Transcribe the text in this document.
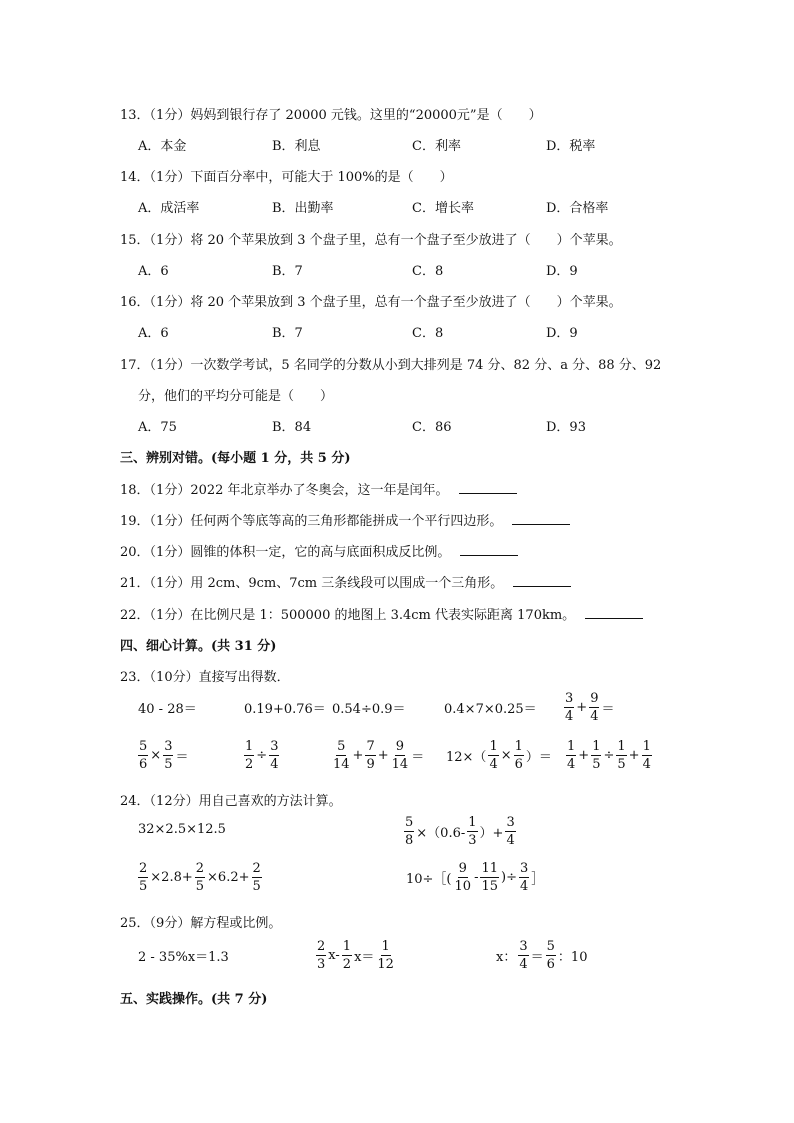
13．（1分）妈妈到银行存了 20000 元钱。这里的“20000元”是（　　）
A．本金	B．利息	C．利率	D．税率
14．（1分）下面百分率中，可能大于 100%的是（　　）
A．成活率	B．出勤率	C．增长率	D．合格率
15．（1分）将 20 个苹果放到 3 个盘子里，总有一个盘子至少放进了（　　）个苹果。
A．6	B．7	C．8	D．9
16．（1分）将 20 个苹果放到 3 个盘子里，总有一个盘子至少放进了（　　）个苹果。
A．6	B．7	C．8	D．9
17．（1分）一次数学考试，5 名同学的分数从小到大排列是 74 分、82 分、a 分、88 分、92
分，他们的平均分可能是（　　）
A．75	B．84	C．86	D．93
三、辨别对错。(每小题 1 分，共 5 分)
18．（1分）2022 年北京举办了冬奥会，这一年是闰年。
19．（1分）任何两个等底等高的三角形都能拼成一个平行四边形。
20．（1分）圆锥的体积一定，它的高与底面积成反比例。
21．（1分）用 2cm、9cm、7cm 三条线段可以围成一个三角形。
22．（1分）在比例尺是 1：500000 的地图上 3.4cm 代表实际距离 170km。
四、细心计算。(共 31 分)
23．（10分）直接写出得数．
40 - 28＝	0.19+0.76＝ 0.54÷0.9＝	$0.4\times 7\times 0.25= \frac{3}{4} + \frac{9}{4}$ ＝
$\frac{5}{6} \times \frac{3}{5}$ ＝	$\frac{1}{2} \div \frac{3}{4}$	$\frac{5}{14} + \frac{7}{9} + \frac{9}{14} = 12\times( \frac{1}{4} \times \frac{1}{6}$ ）＝ $\frac{1}{4} + \frac{1}{5} \div \frac{1}{5} + \frac{1}{4}$
24．（12分）用自己喜欢的方法计算。
32×2.5×12.5	$\frac{5}{8} \times(0.6- \frac{1}{3}$ ）+ $\frac{3}{4}$
$\frac{2}{5} \times 2.8+ \frac{2}{5} \times 6.2+ \frac{2}{5}$	10÷［( $\frac{9}{10} - \frac{11}{15}$ )÷ $\frac{3}{4}$ ］
25．（9分）解方程或比例。
2 - 35%x＝1.3	$\frac{2}{3} x- \frac{1}{2} x= \frac{1}{12}$	x： $\frac{3}{4} = \frac{5}{6}$ ：10
五、实践操作。(共 7 分)
